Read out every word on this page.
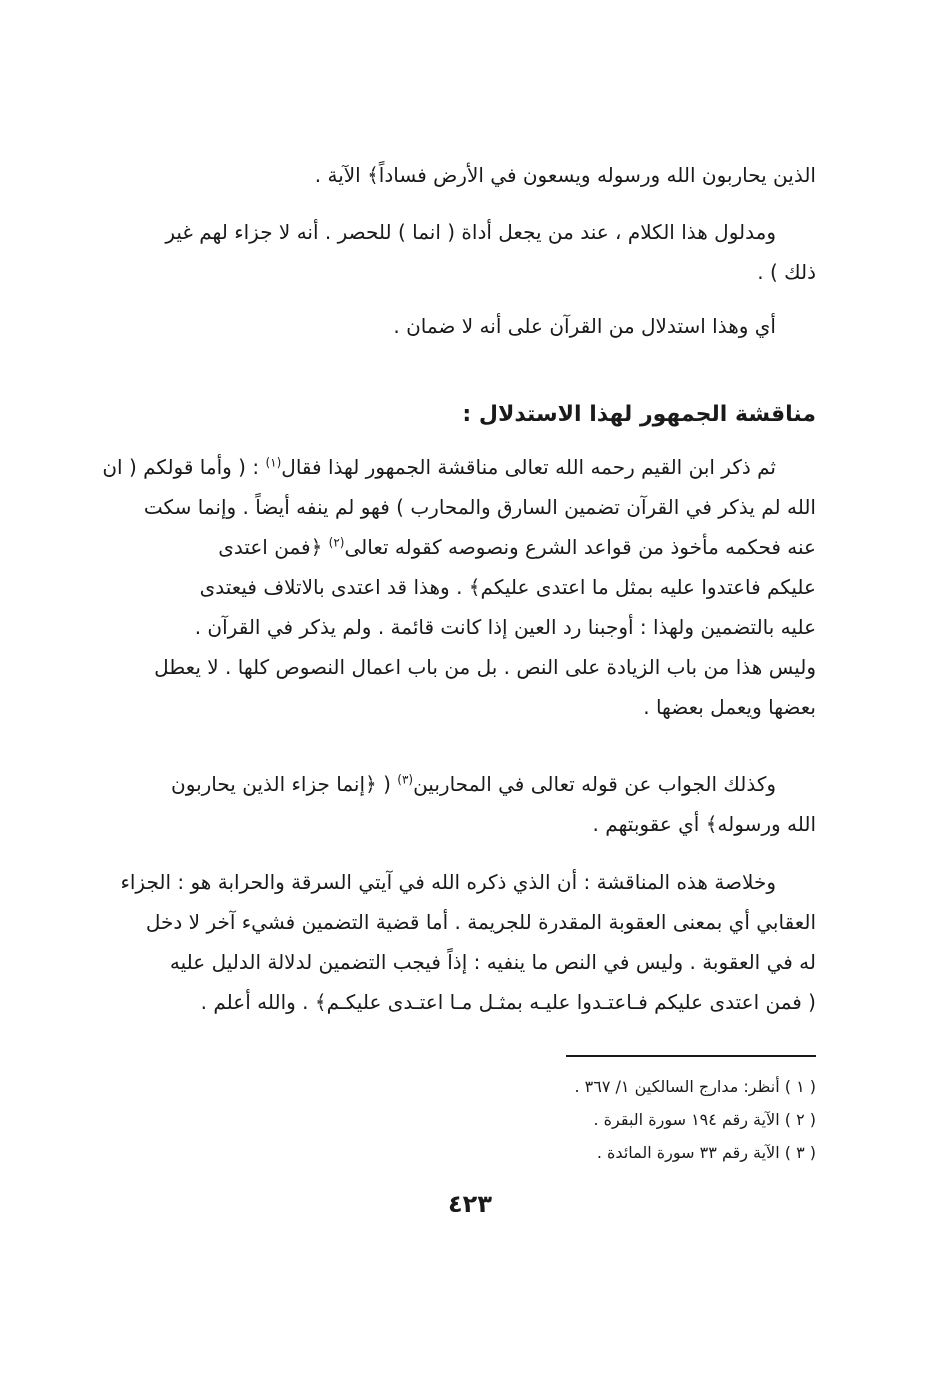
الذين يحاربون الله ورسوله ويسعون في الأرض فساداً﴾ الآية .
ومدلول هذا الكلام ، عند من يجعل أداة ( انما ) للحصر . أنه لا جزاء لهم غير
ذلك ) .
أي وهذا استدلال من القرآن على أنه لا ضمان .
مناقشة الجمهور لهذا الاستدلال :
ثم ذكر ابن القيم رحمه الله تعالى مناقشة الجمهور لهذا فقال$^{(١)}$ : ( وأما قولكم ( ان
الله لم يذكر في القرآن تضمين السارق والمحارب ) فهو لم ينفه أيضاً . وإنما سكت
عنه فحكمه مأخوذ من قواعد الشرع ونصوصه كقوله تعالى$^{(٢)}$ ﴿فمن اعتدى
عليكم فاعتدوا عليه بمثل ما اعتدى عليكم﴾ . وهذا قد اعتدى بالاتلاف فيعتدى
عليه بالتضمين ولهذا : أوجبنا رد العين إذا كانت قائمة . ولم يذكر في القرآن .
وليس هذا من باب الزيادة على النص . بل من باب اعمال النصوص كلها . لا يعطل
بعضها ويعمل بعضها .
وكذلك الجواب عن قوله تعالى في المحاربين$^{(٣)}$ ( ﴿إنما جزاء الذين يحاربون
الله ورسوله﴾ أي عقوبتهم .
وخلاصة هذه المناقشة : أن الذي ذكره الله في آيتي السرقة والحرابة هو : الجزاء
العقابي أي بمعنى العقوبة المقدرة للجريمة . أما قضية التضمين فشيء آخر لا دخل
له في العقوبة . وليس في النص ما ينفيه : إذاً فيجب التضمين لدلالة الدليل عليه
( فمن اعتدى عليكم فـاعتـدوا عليـه بمثـل مـا اعتـدى عليكـم﴾ . والله أعلم .
( ١ ) أنظر: مدارج السالكين ١/ ٣٦٧ .
( ٢ ) الآية رقم ١٩٤ سورة البقرة .
( ٣ ) الآية رقم ٣٣ سورة المائدة .
٤٢٣
